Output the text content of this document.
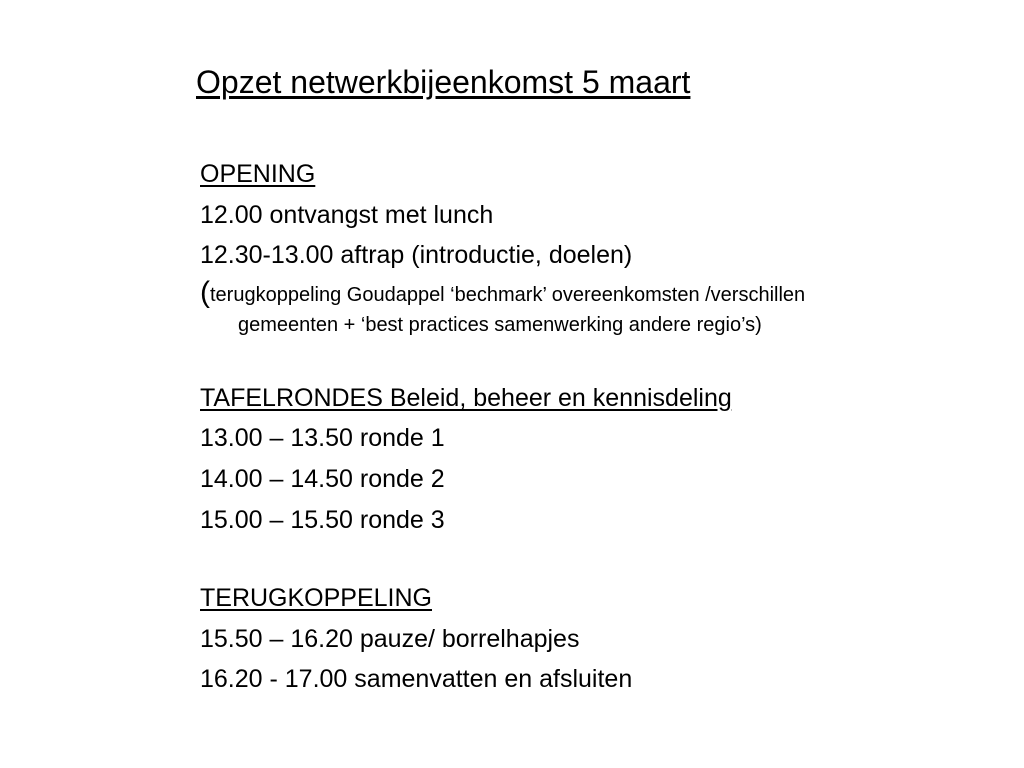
Opzet netwerkbijeenkomst 5 maart
OPENING
12.00 ontvangst met lunch
12.30-13.00 aftrap (introductie, doelen)
(terugkoppeling Goudappel ‘bechmark’ overeenkomsten /verschillen
gemeenten + ‘best practices samenwerking andere regio’s)
TAFELRONDES Beleid, beheer en kennisdeling
13.00 – 13.50 ronde 1
14.00 – 14.50 ronde 2
15.00 – 15.50 ronde 3
TERUGKOPPELING
15.50 – 16.20 pauze/ borrelhapjes
16.20 - 17.00 samenvatten en afsluiten
